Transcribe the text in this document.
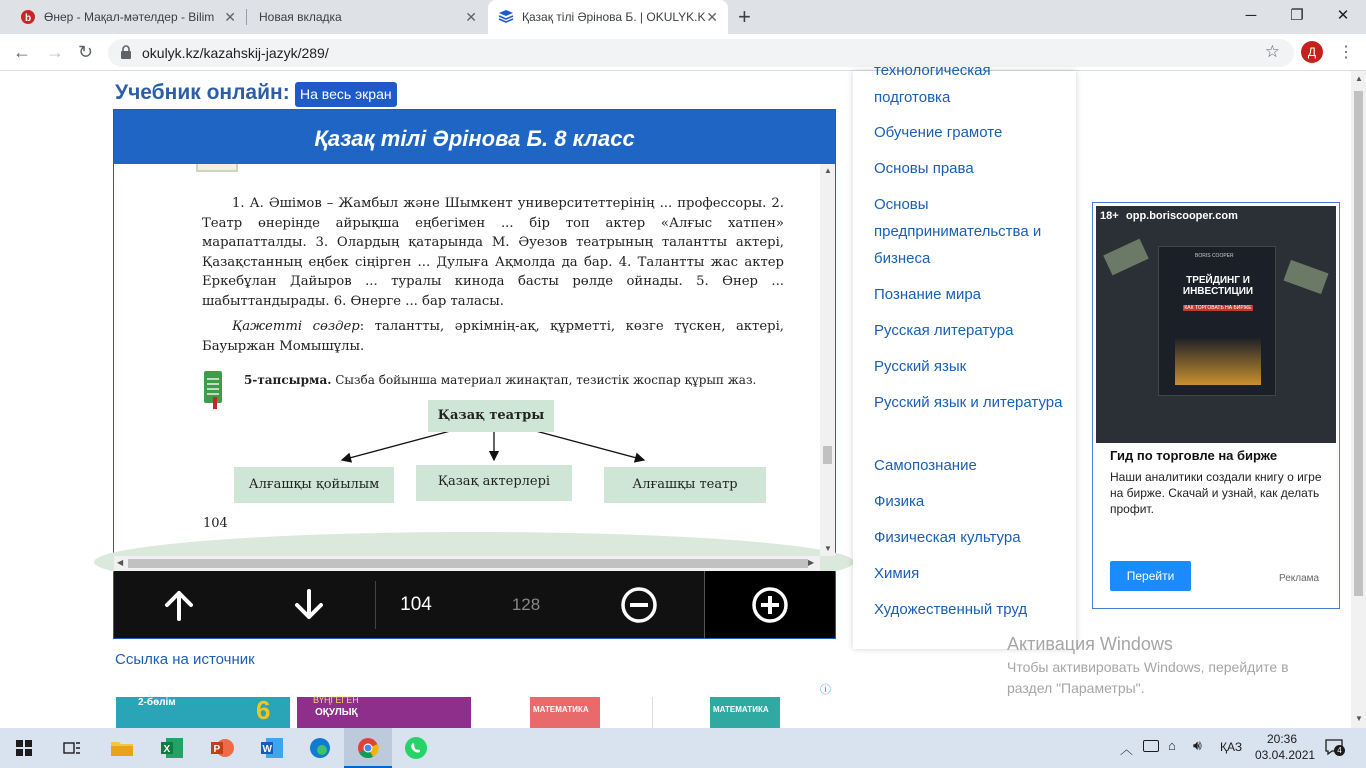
b Өнер - Мақал-мәтелдер - Bilim ✕ Новая вкладка	✕	Қазақ тілі Әрінова Б. | OKULYK.K ✕ +	─	❐	✕
← → ↻	okulyk.kz/kazahskij-jazyk/289/	☆	Д	⋮
Учебник онлайн: На весь экран
Қазақ тілі Әрінова Б. 8 класс
1. А. Әшімов – Жамбыл және Шымкент университеттерінің ... профессоры. 2. Театр өнерінде айрықша еңбегімен ... бір топ актер «Алғыс хатпен» марапатталды. 3. Олардың қатарында М. Әуезов театрының талантты актері, Қазақстанның еңбек сіңірген ... Дулыға Ақмолда да бар. 4. Талантты жас актер Еркебұлан Дайыров ... туралы кинода басты рөлде ойнады. 5. Өнер ... шабыттандырады. 6. Өнерге ... бар таласы.
Қажетті сөздер: талантты, әркімнің-ақ, құрметті, көзге түскен, актері, Бауыржан Момышұлы.
5-тапсырма. Сызба бойынша материал жинақтап, тезистік жоспар құрып жаз.
Қазақ театры
Алғашқы қойылым	Қазақ актерлері	Алғашқы театр
104
▲
▼
◀	▶
104	128
Ссылка на источник
2-бөлім	6	ВҮҢГЕГЕН
ОҚУЛЫҚ	МАТЕМАТИКА	МАТЕМАТИКА
ⓘ
технологическая подготовка
Обучение грамоте
Основы права
Основы предпринимательства и бизнеса
Познание мира
Русская литература
Русский язык
Русский язык и литература
Самопознание
Физика
Физическая культура
Химия
Художественный труд
BORIS COOPER
ТРЕЙДИНГ И ИНВЕСТИЦИИ
КАК ТОРГОВАТЬ НА БИРЖЕ
18+ opp.boriscooper.com
Гид по торговле на бирже
Наши аналитики создали книгу о игре на бирже. Скачай и узнай, как делать профит.
Перейти	Реклама
▲
▼
Активация Windows
Чтобы активировать Windows, перейдите в раздел "Параметры".
X	P	W	︿	⌂ 🔊︎ ҚАЗ
20:36
03.04.2021	4
